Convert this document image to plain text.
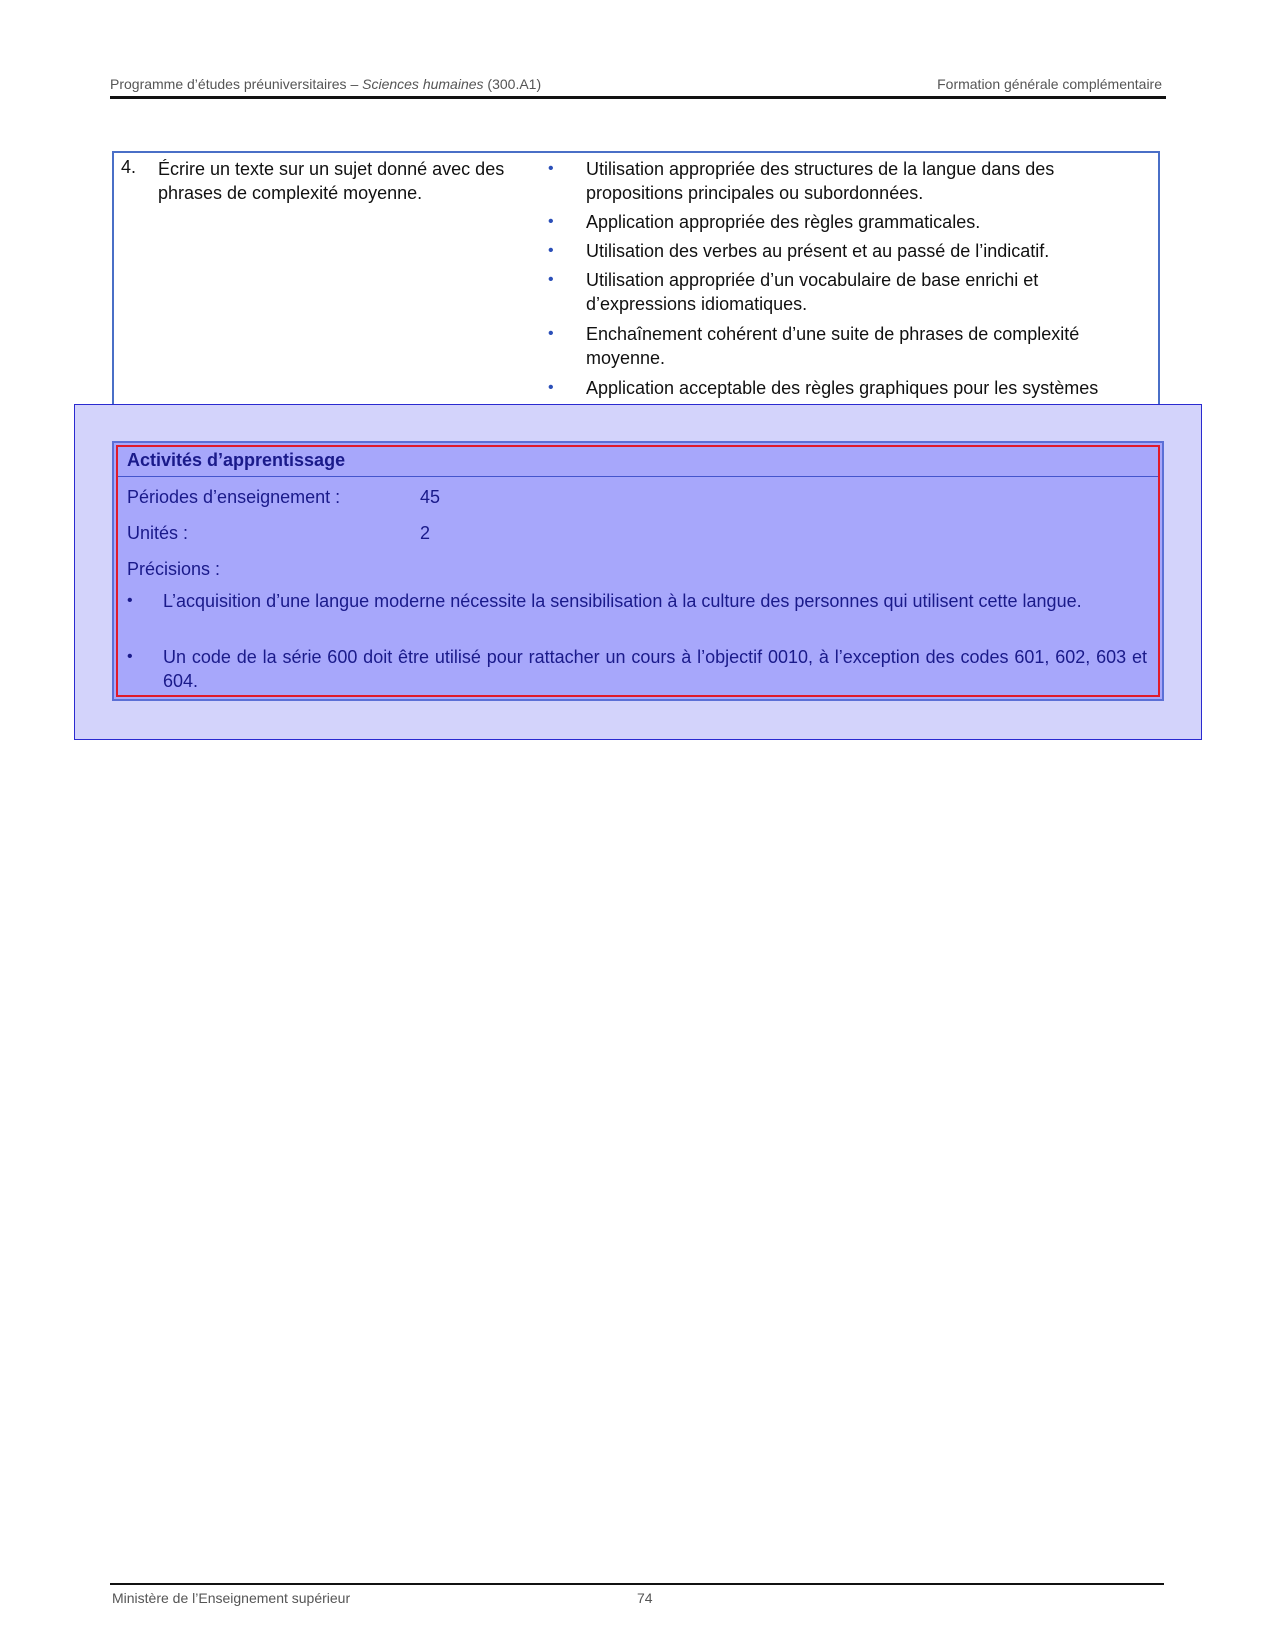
Programme d’études préuniversitaires – Sciences humaines (300.A1)	Formation générale complémentaire
4. Écrire un texte sur un sujet donné avec des phrases de complexité moyenne.
•	Utilisation appropriée des structures de la langue dans des propositions principales ou subordonnées.
•	Application appropriée des règles grammaticales.
•	Utilisation des verbes au présent et au passé de l’indicatif.
•	Utilisation appropriée d’un vocabulaire de base enrichi et d’expressions idiomatiques.
•	Enchaînement cohérent d’une suite de phrases de complexité moyenne.
•	Application acceptable des règles graphiques pour les systèmes
Activités d’apprentissage
Périodes d’enseignement :	45
Unités :	2
Précisions :
• L’acquisition d’une langue moderne nécessite la sensibilisation à la culture des personnes qui utilisent cette langue.
• Un code de la série 600 doit être utilisé pour rattacher un cours à l’objectif 0010, à l’exception des codes 601, 602, 603 et 604.
Ministère de l’Enseignement supérieur	74
